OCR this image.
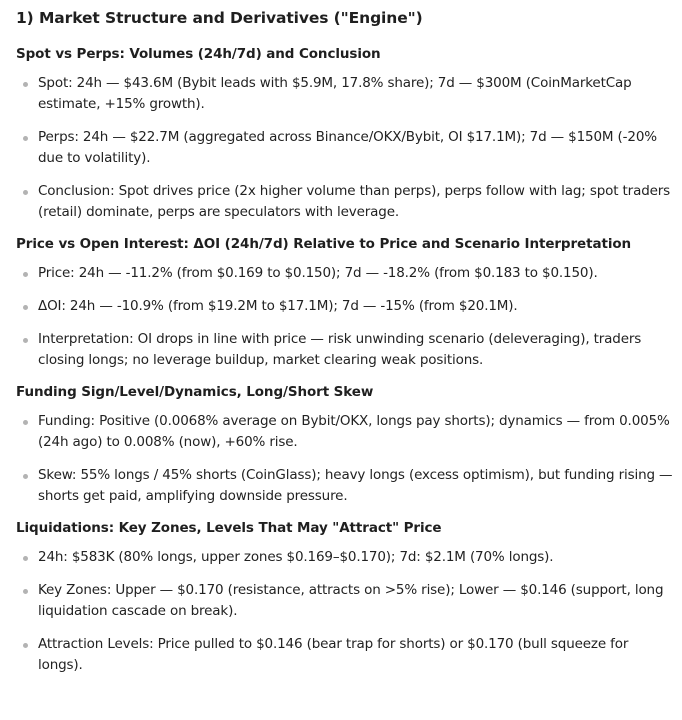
1) Market Structure and Derivatives ("Engine")
Spot vs Perps: Volumes (24h/7d) and Conclusion
Spot: 24h — $43.6M (Bybit leads with $5.9M, 17.8% share); 7d — $300M (CoinMarketCap estimate, +15% growth).
Perps: 24h — $22.7M (aggregated across Binance/OKX/Bybit, OI $17.1M); 7d — $150M (-20% due to volatility).
Conclusion: Spot drives price (2x higher volume than perps), perps follow with lag; spot traders (retail) dominate, perps are speculators with leverage.
Price vs Open Interest: ΔOI (24h/7d) Relative to Price and Scenario Interpretation
Price: 24h — -11.2% (from $0.169 to $0.150); 7d — -18.2% (from $0.183 to $0.150).
ΔOI: 24h — -10.9% (from $19.2M to $17.1M); 7d — -15% (from $20.1M).
Interpretation: OI drops in line with price — risk unwinding scenario (deleveraging), traders closing longs; no leverage buildup, market clearing weak positions.
Funding Sign/Level/Dynamics, Long/Short Skew
Funding: Positive (0.0068% average on Bybit/OKX, longs pay shorts); dynamics — from 0.005% (24h ago) to 0.008% (now), +60% rise.
Skew: 55% longs / 45% shorts (CoinGlass); heavy longs (excess optimism), but funding rising — shorts get paid, amplifying downside pressure.
Liquidations: Key Zones, Levels That May "Attract" Price
24h: $583K (80% longs, upper zones $0.169–$0.170); 7d: $2.1M (70% longs).
Key Zones: Upper — $0.170 (resistance, attracts on >5% rise); Lower — $0.146 (support, long liquidation cascade on break).
Attraction Levels: Price pulled to $0.146 (bear trap for shorts) or $0.170 (bull squeeze for longs).
